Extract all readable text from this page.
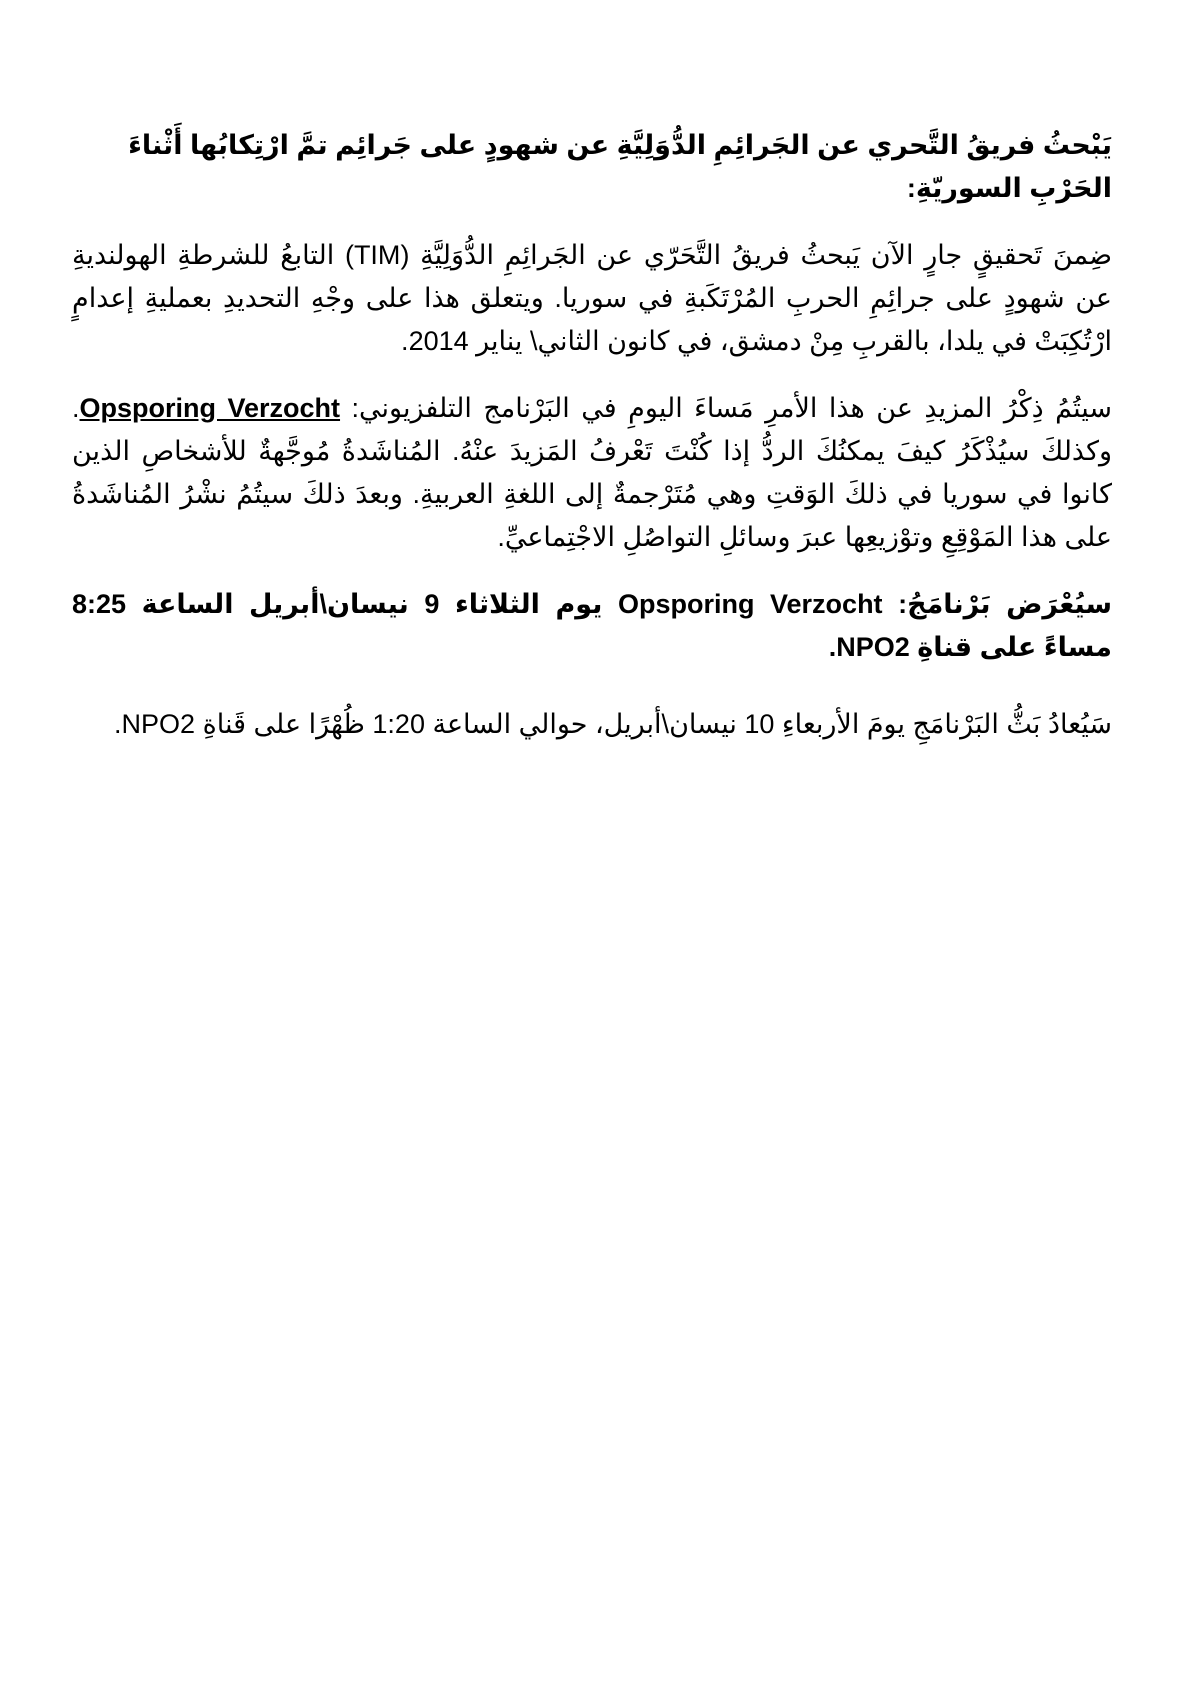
يَبْحثُ فريقُ التَّحري عن الجَرائِمِ الدُّوَلِيَّةِ عن شهودٍ على جَرائِم تمَّ ارْتِكابُها أَثْناءَ الحَرْبِ السوريّةِ:

ضِمنَ تَحقيقٍ جارٍ الآن يَبحثُ فريقُ التَّحَرّي عن الجَرائِمِ الدُّوَلِيَّةِ (TIM) التابعُ للشرطةِ الهولنديةِ عن شهودٍ على جرائِمِ الحربِ المُرْتَكَبةِ في سوريا. ويتعلق هذا على وجْهِ التحديدِ بعمليةِ إعدامٍ ارْتُكِبَتْ في يلدا، بالقربِ مِنْ دمشق، في كانون الثاني\ يناير 2014.

سيتُمُ ذِكْرُ المزيدِ عن هذا الأمرِ مَساءَ اليومِ في البَرْنامج التلفزيوني: Opsporing Verzocht. وكذلكَ سيُذْكَرُ كيفَ يمكنُكَ الردُّ إذا كُنْتَ تَعْرفُ المَزيدَ عنْهُ. المُناشَدةُ مُوجَّهةٌ للأشخاصِ الذين كانوا في سوريا في ذلكَ الوَقتِ وهي مُتَرْجمةٌ إلى اللغةِ العربيةِ. وبعدَ ذلكَ سيتُمُ نشْرُ المُناشَدةُ على هذا المَوْقِعِ وتوْزيعِها عبرَ وسائلِ التواصُلِ الاجْتِماعيِّ.

سيُعْرَض بَرْنامَجُ: Opsporing Verzocht يوم الثلاثاء 9 نيسان\أبريل الساعة 8:25 مساءً على قناةِ NPO2.

سَيُعادُ بَثُّ البَرْنامَجِ يومَ الأربعاءِ 10 نيسان\أبريل، حوالي الساعة 1:20 ظُهْرًا على قَناةِ NPO2.
